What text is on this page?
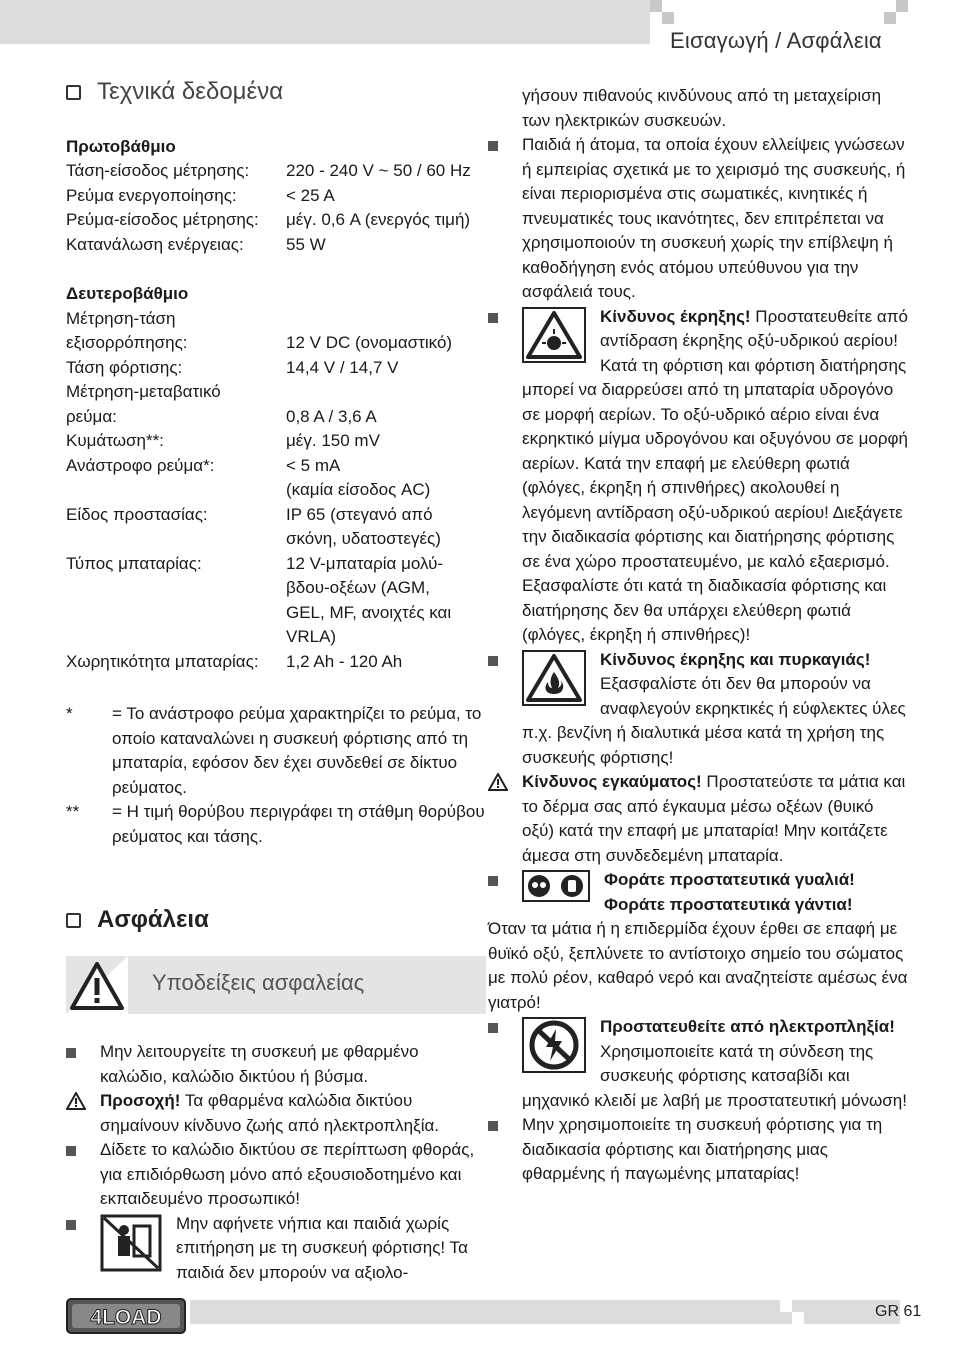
Εισαγωγή / Ασφάλεια
Τεχνικά δεδομένα
Πρωτοβάθμιο
Τάση-είσοδος μέτρησης:	220 - 240 V ~ 50 / 60 Hz
Ρεύμα ενεργοποίησης:	< 25 A
Ρεύμα-είσοδος μέτρησης:	μέγ. 0,6 A (ενεργός τιμή)
Κατανάλωση ενέργειας:	55 W
Δευτεροβάθμιο
Μέτρηση-τάση
εξισορρόπησης:	12 V DC (ονομαστικό)
Τάση φόρτισης:	14,4 V / 14,7 V
Μέτρηση-μεταβατικό
ρεύμα:	0,8 A / 3,6 A
Κυμάτωση**:	μέγ. 150 mV
Ανάστροφο ρεύμα*:	< 5 mA
(καμία είσοδος AC)
Είδος προστασίας:	IP 65 (στεγανό από
σκόνη, υδατοστεγές)
Τύπος μπαταρίας:	12 V-μπαταρία μολύ-
βδου-οξέων (AGM,
GEL, MF, ανοιχτές και
VRLA)
Χωρητικότητα μπαταρίας:	1,2 Ah - 120 Ah
*	= Το ανάστροφο ρεύμα χαρακτηρίζει το ρεύμα, το οποίο καταναλώνει η συσκευή φόρτισης από τη μπαταρία, εφόσον δεν έχει συνδεθεί σε δίκτυο ρεύματος.
**	= Η τιμή θορύβου περιγράφει τη στάθμη θορύβου ρεύματος και τάσης.
Ασφάλεια
Υποδείξεις ασφαλείας
Μην λειτουργείτε τη συσκευή με φθαρμένο καλώδιο, καλώδιο δικτύου ή βύσμα.
Προσοχή! Τα φθαρμένα καλώδια δικτύου σημαίνουν κίνδυνο ζωής από ηλεκτροπληξία.
Δίδετε το καλώδιο δικτύου σε περίπτωση φθοράς, για επιδιόρθωση μόνο από εξουσιοδοτημένο και εκπαιδευμένο προσωπικό!
Μην αφήνετε νήπια και παιδιά χωρίς επιτήρηση με τη συσκευή φόρτισης! Τα παιδιά δεν μπορούν να αξιολο-
4LOAD
γήσουν πιθανούς κινδύνους από τη μεταχείριση των ηλεκτρικών συσκευών.
Παιδιά ή άτομα, τα οποία έχουν ελλείψεις γνώσεων ή εμπειρίας σχετικά με το χειρισμό της συσκευής, ή είναι περιορισμένα στις σωματικές, κινητικές ή πνευματικές τους ικανότητες, δεν επιτρέπεται να χρησιμοποιούν τη συσκευή χωρίς την επίβλεψη ή καθοδήγηση ενός ατόμου υπεύθυνου για την ασφάλειά τους.
Κίνδυνος έκρηξης! Προστατευθείτε από αντίδραση έκρηξης οξύ-υδρικού αερίου! Κατά τη φόρτιση και φόρτιση διατήρησης μπορεί να διαρρεύσει από τη μπαταρία υδρογόνο σε μορφή αερίων. Το οξύ-υδρικό αέριο είναι ένα εκρηκτικό μίγμα υδρογόνου και οξυγόνου σε μορφή αερίων. Κατά την επαφή με ελεύθερη φωτιά (φλόγες, έκρηξη ή σπινθήρες) ακολουθεί η λεγόμενη αντίδραση οξύ-υδρικού αερίου! Διεξάγετε την διαδικασία φόρτισης και διατήρησης φόρτισης σε ένα χώρο προστατευμένο, με καλό εξαερισμό. Εξασφαλίστε ότι κατά τη διαδικασία φόρτισης και διατήρησης δεν θα υπάρχει ελεύθερη φωτιά (φλόγες, έκρηξη ή σπινθήρες)!
Κίνδυνος έκρηξης και πυρκαγιάς! Εξασφαλίστε ότι δεν θα μπορούν να αναφλεγούν εκρηκτικές ή εύφλεκτες ύλες π.χ. βενζίνη ή διαλυτικά μέσα κατά τη χρήση της συσκευής φόρτισης!
Κίνδυνος εγκαύματος! Προστατεύστε τα μάτια και το δέρμα σας από έγκαυμα μέσω οξέων (θυικό οξύ) κατά την επαφή με μπαταρία! Μην κοιτάζετε άμεσα στη συνδεδεμένη μπαταρία.
Φοράτε προστατευτικά γυαλιά!
Φοράτε προστατευτικά γάντια!
Όταν τα μάτια ή η επιδερμίδα έχουν έρθει σε επαφή με θυϊκό οξύ, ξεπλύνετε το αντίστοιχο σημείο του σώματος με πολύ ρέον, καθαρό νερό και αναζητείστε αμέσως ένα γιατρό!
Προστατευθείτε από ηλεκτροπληξία! Χρησιμοποιείτε κατά τη σύνδεση της συσκευής φόρτισης κατσαβίδι και μηχανικό κλειδί με λαβή με προστατευτική μόνωση!
Μην χρησιμοποιείτε τη συσκευή φόρτισης για τη διαδικασία φόρτισης και διατήρησης μιας φθαρμένης ή παγωμένης μπαταρίας!
GR 61
